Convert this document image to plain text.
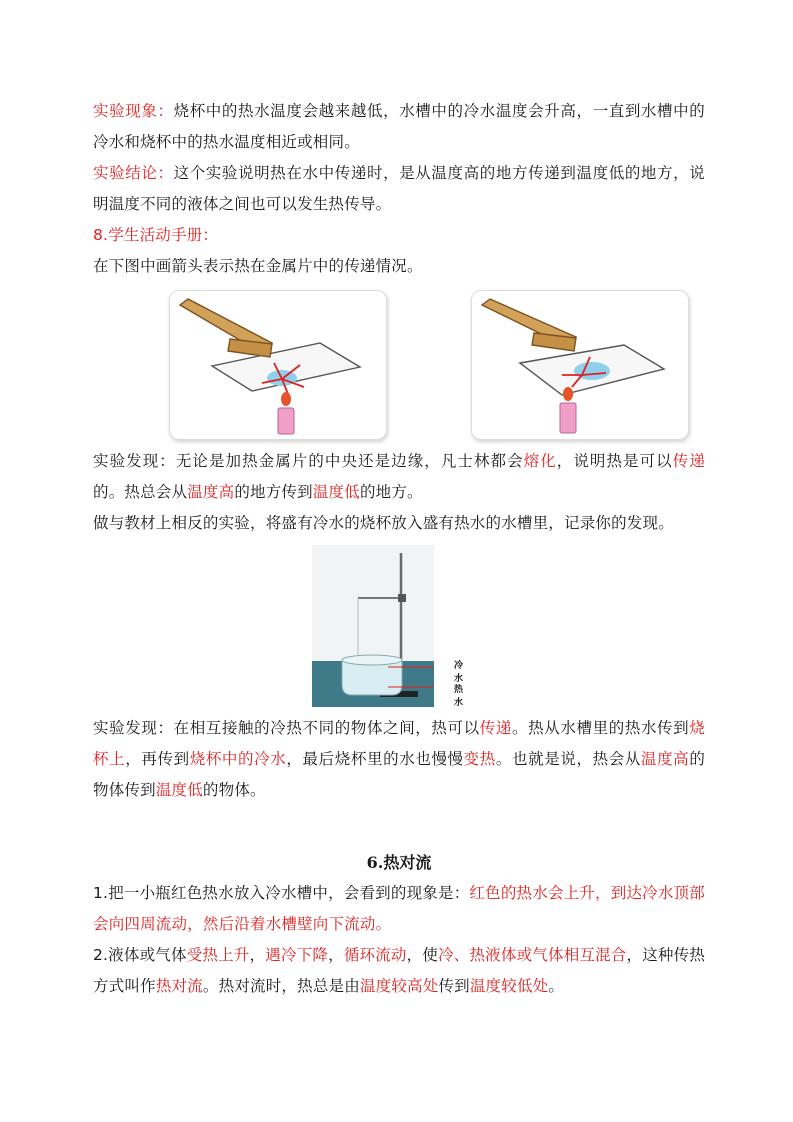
实验现象：烧杯中的热水温度会越来越低，水槽中的冷水温度会升高，一直到水槽中的冷水和烧杯中的热水温度相近或相同。

实验结论：这个实验说明热在水中传递时，是从温度高的地方传递到温度低的地方，说明温度不同的液体之间也可以发生热传导。

8.学生活动手册：

在下图中画箭头表示热在金属片中的传递情况。

实验发现：无论是加热金属片的中央还是边缘，凡士林都会熔化，说明热是可以传递的。热总会从温度高的地方传到温度低的地方。

做与教材上相反的实验，将盛有冷水的烧杯放入盛有热水的水槽里，记录你的发现。

冷水
热水

实验发现：在相互接触的冷热不同的物体之间，热可以传递。热从水槽里的热水传到烧杯上，再传到烧杯中的冷水，最后烧杯里的水也慢慢变热。也就是说，热会从温度高的物体传到温度低的物体。

6.热对流

1.把一小瓶红色热水放入冷水槽中，会看到的现象是：红色的热水会上升，到达冷水顶部会向四周流动，然后沿着水槽壁向下流动。

2.液体或气体受热上升，遇冷下降，循环流动，使冷、热液体或气体相互混合，这种传热方式叫作热对流。热对流时，热总是由温度较高处传到温度较低处。
